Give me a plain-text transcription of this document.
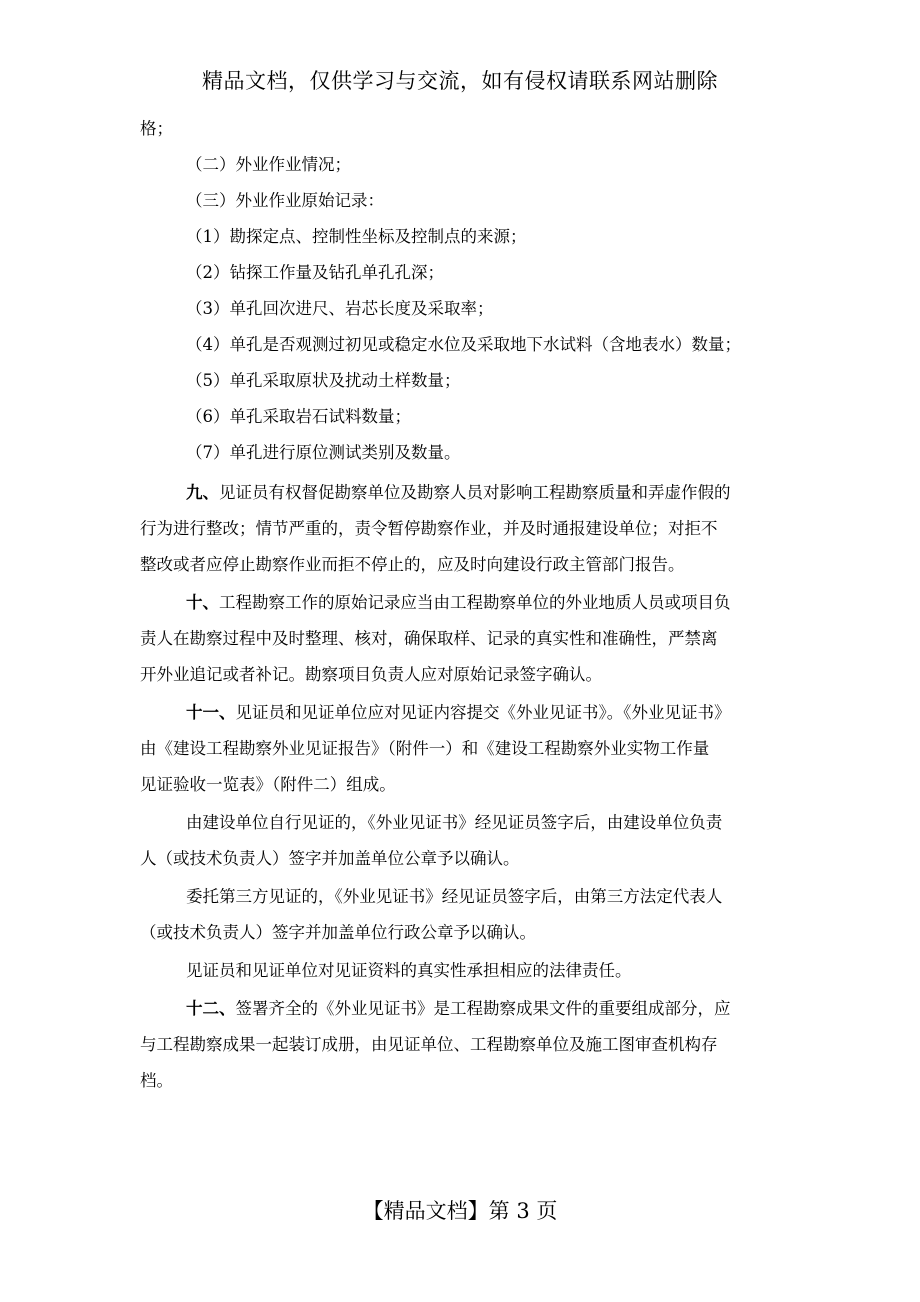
精品文档，仅供学习与交流，如有侵权请联系网站删除

格；

（二）外业作业情况；

（三）外业作业原始记录：

（1）勘探定点、控制性坐标及控制点的来源；

（2）钻探工作量及钻孔单孔孔深；

（3）单孔回次进尺、岩芯长度及采取率；

（4）单孔是否观测过初见或稳定水位及采取地下水试料（含地表水）数量；

（5）单孔采取原状及扰动土样数量；

（6）单孔采取岩石试料数量；

（7）单孔进行原位测试类别及数量。

九、见证员有权督促勘察单位及勘察人员对影响工程勘察质量和弄虚作假的

行为进行整改；情节严重的，责令暂停勘察作业，并及时通报建设单位；对拒不

整改或者应停止勘察作业而拒不停止的，应及时向建设行政主管部门报告。

十、工程勘察工作的原始记录应当由工程勘察单位的外业地质人员或项目负

责人在勘察过程中及时整理、核对，确保取样、记录的真实性和准确性，严禁离

开外业追记或者补记。勘察项目负责人应对原始记录签字确认。

十一、见证员和见证单位应对见证内容提交《外业见证书》。《外业见证书》

由《建设工程勘察外业见证报告》（附件一）和《建设工程勘察外业实物工作量

见证验收一览表》（附件二）组成。

由建设单位自行见证的，《外业见证书》经见证员签字后，由建设单位负责

人（或技术负责人）签字并加盖单位公章予以确认。

委托第三方见证的，《外业见证书》经见证员签字后，由第三方法定代表人

（或技术负责人）签字并加盖单位行政公章予以确认。

见证员和见证单位对见证资料的真实性承担相应的法律责任。

十二、签署齐全的《外业见证书》是工程勘察成果文件的重要组成部分，应

与工程勘察成果一起装订成册，由见证单位、工程勘察单位及施工图审查机构存

档。

【精品文档】第 3 页
